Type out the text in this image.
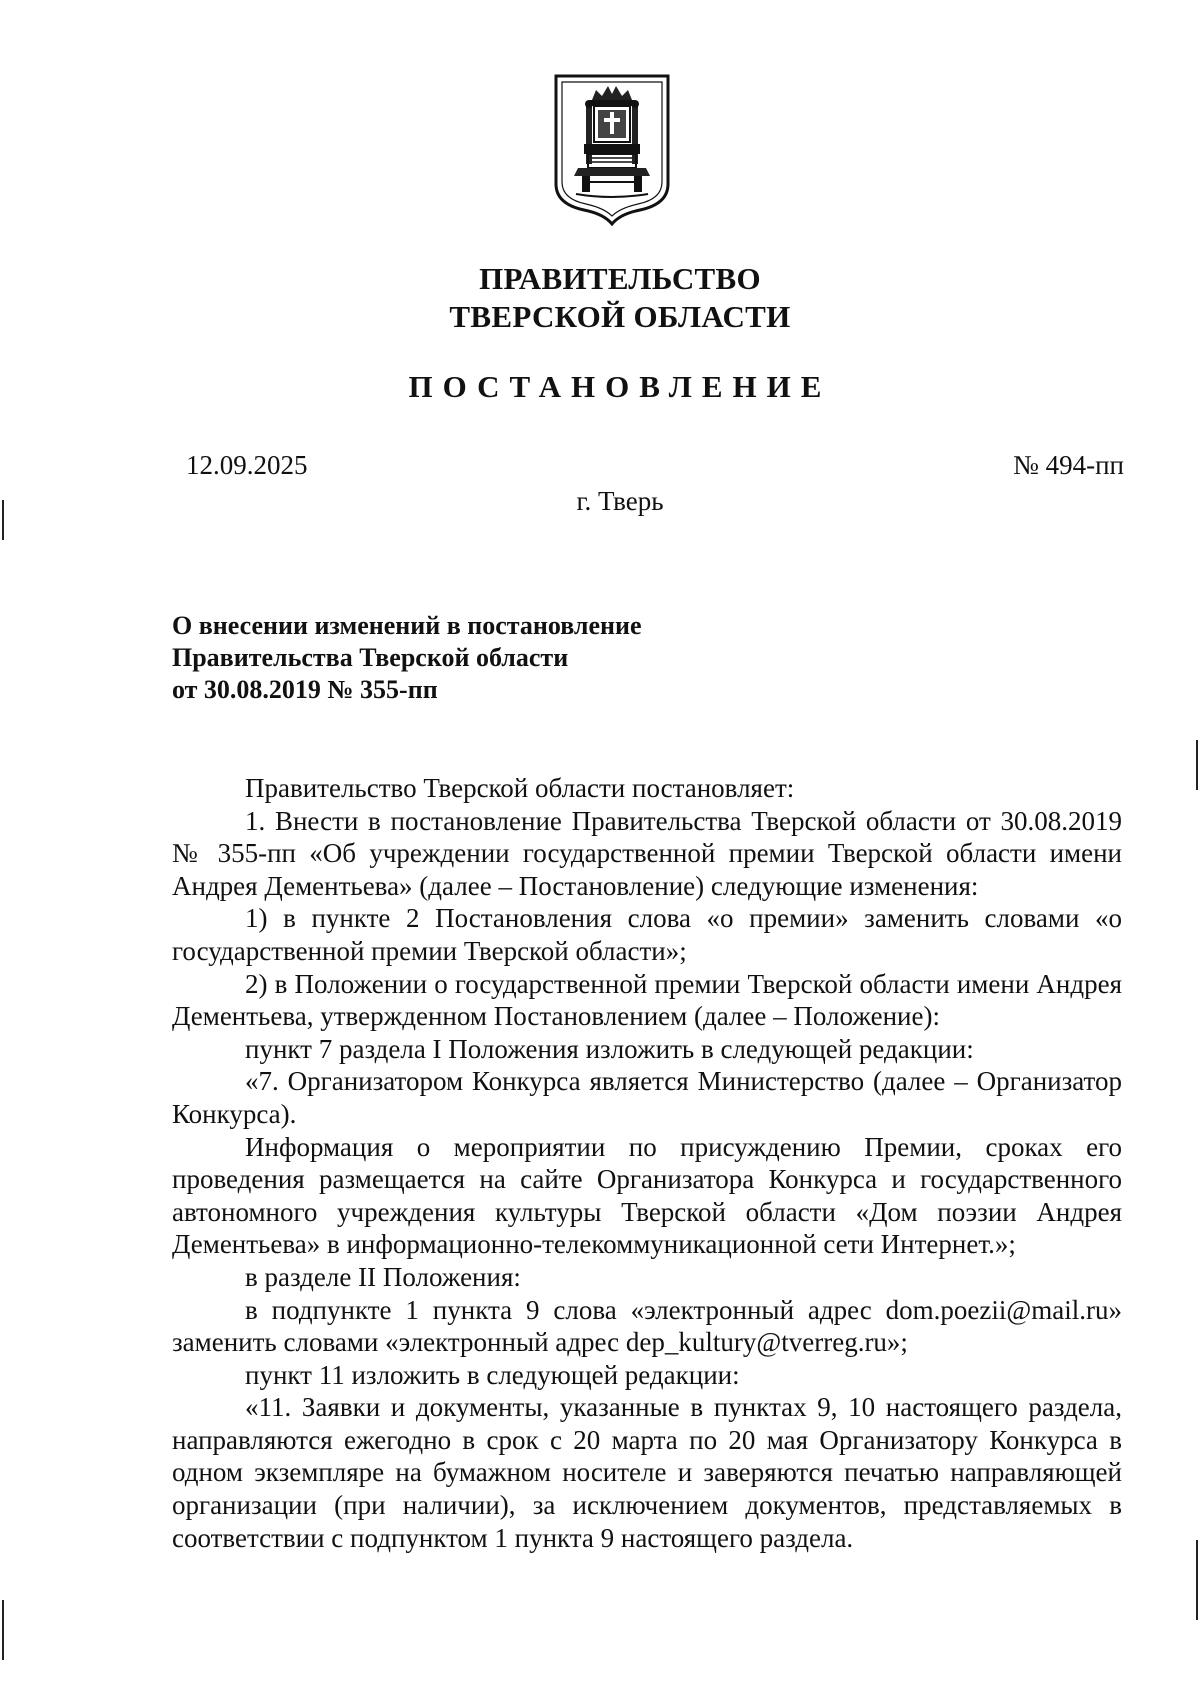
ПРАВИТЕЛЬСТВО
ТВЕРСКОЙ ОБЛАСТИ
ПОСТАНОВЛЕНИЕ
12.09.2025	№ 494-пп
г. Тверь
О внесении изменений в постановление
Правительства Тверской области
от 30.08.2019 № 355-пп

Правительство Тверской области постановляет:

1. Внести в постановление Правительства Тверской области от 30.08.2019 № 355-пп «Об учреждении государственной премии Тверской области имени Андрея Дементьева» (далее – Постановление) следующие изменения:

1) в пункте 2 Постановления слова «о премии» заменить словами «о государственной премии Тверской области»;

2) в Положении о государственной премии Тверской области имени Андрея Дементьева, утвержденном Постановлением (далее – Положение):

пункт 7 раздела I Положения изложить в следующей редакции:

«7. Организатором Конкурса является Министерство (далее – Организатор Конкурса).

Информация о мероприятии по присуждению Премии, сроках его проведения размещается на сайте Организатора Конкурса и государственного автономного учреждения культуры Тверской области «Дом поэзии Андрея Дементьева» в информационно-телекоммуникационной сети Интернет.»;

в разделе II Положения:

в подпункте 1 пункта 9 слова «электронный адрес dom.poezii@mail.ru» заменить словами «электронный адрес dep_kultury@tverreg.ru»;

пункт 11 изложить в следующей редакции:

«11. Заявки и документы, указанные в пунктах 9, 10 настоящего раздела, направляются ежегодно в срок с 20 марта по 20 мая Организатору Конкурса в одном экземпляре на бумажном носителе и заверяются печатью направляющей организации (при наличии), за исключением документов, представляемых в соответствии с подпунктом 1 пункта 9 настоящего раздела.
